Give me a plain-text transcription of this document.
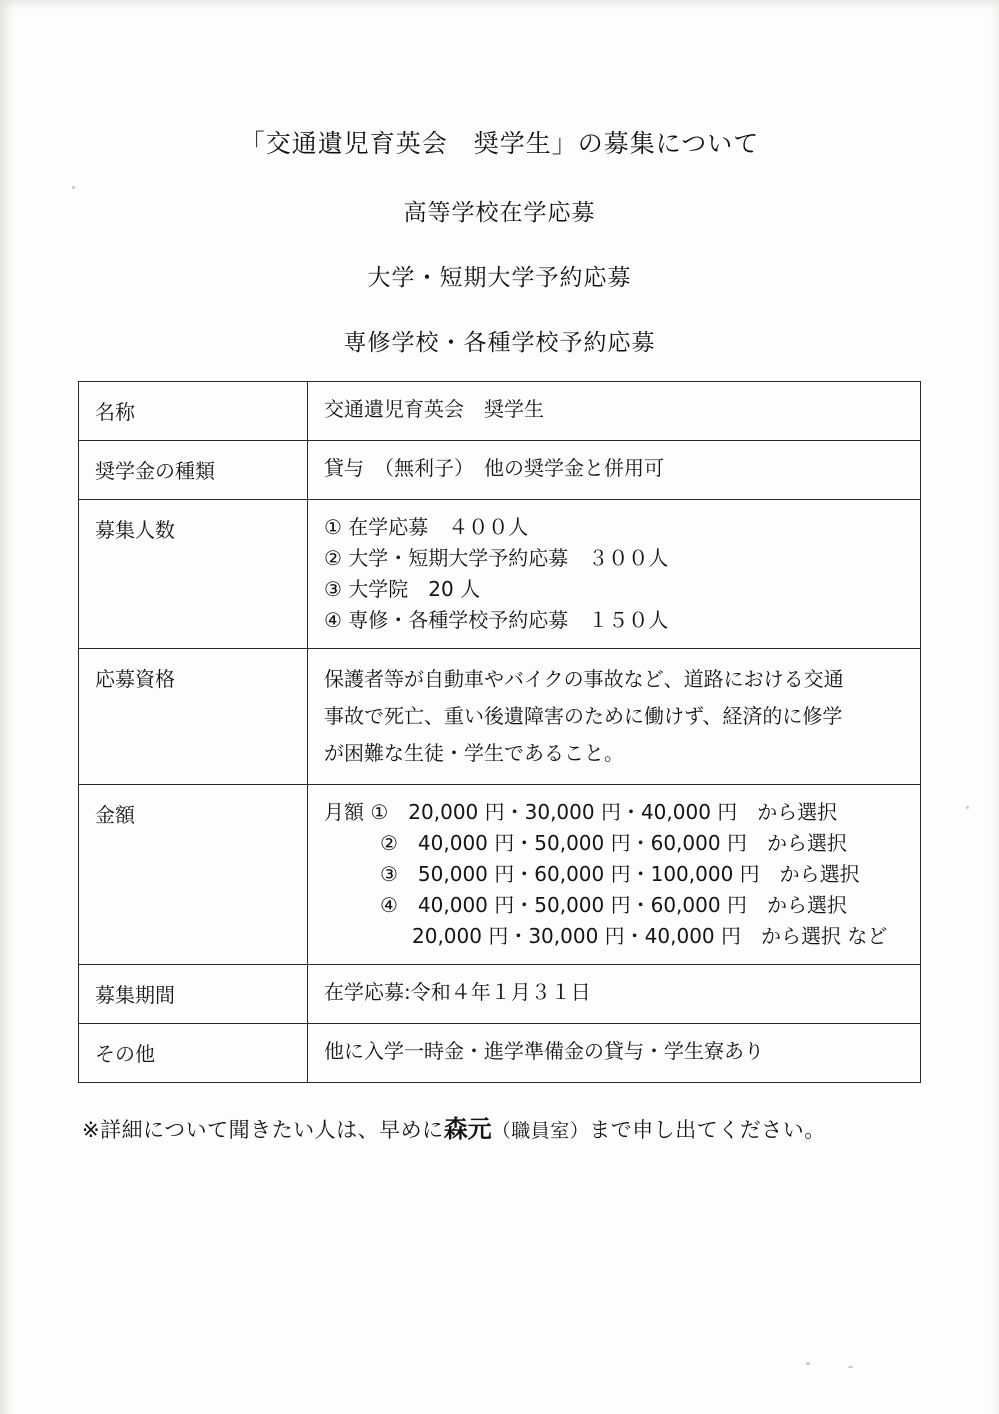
「交通遺児育英会　奨学生」の募集について
高等学校在学応募
大学・短期大学予約応募
専修学校・各種学校予約応募
名称	交通遺児育英会　奨学生

奨学金の種類	貸与　（無利子）　他の奨学金と併用可

募集人数	① 在学応募　４００人
② 大学・短期大学予約応募　３００人
③ 大学院　20 人
④ 専修・各種学校予約応募　１５０人

応募資格	保護者等が自動車やバイクの事故など、道路における交通
事故で死亡、重い後遺障害のために働けず、経済的に修学
が困難な生徒・学生であること。

金額	月額 ①　20,000 円・30,000 円・40,000 円　から選択
②　40,000 円・50,000 円・60,000 円　から選択
③　50,000 円・60,000 円・100,000 円　から選択
④　40,000 円・50,000 円・60,000 円　から選択
20,000 円・30,000 円・40,000 円　から選択 など

募集期間	在学応募:令和４年１月３１日

その他	他に入学一時金・進学準備金の貸与・学生寮あり
※詳細について聞きたい人は、早めに森元（職員室）まで申し出てください。
